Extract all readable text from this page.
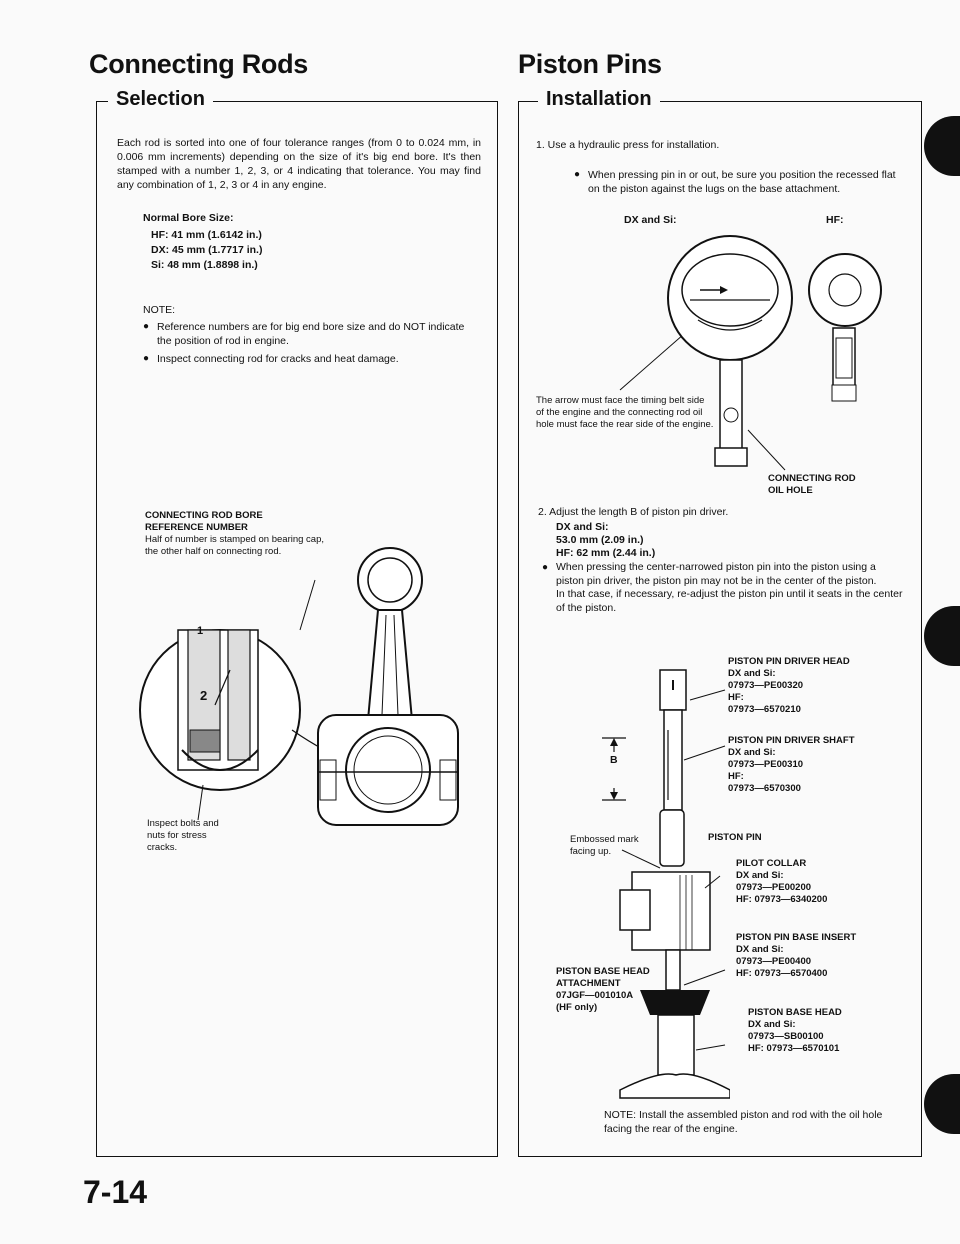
Connecting Rods
Selection
Each rod is sorted into one of four tolerance ranges (from 0 to 0.024 mm, in 0.006 mm increments) depending on the size of it's big end bore. It's then stamped with a number 1, 2, 3, or 4 indicating that tolerance. You may find any combination of 1, 2, 3 or 4 in any engine.
Normal Bore Size:
HF: 41 mm (1.6142 in.)
DX: 45 mm (1.7717 in.)
Si: 48 mm (1.8898 in.)
NOTE:
● Reference numbers are for big end bore size and do NOT indicate the position of rod in engine.
● Inspect connecting rod for cracks and heat damage.
CONNECTING ROD BORE
REFERENCE NUMBER
Half of number is stamped on bearing cap, the other half on connecting rod.
1
2
Inspect bolts and nuts for stress cracks.
7-14
Piston Pins
Installation
1. Use a hydraulic press for installation.
● When pressing pin in or out, be sure you position the recessed flat on the piston against the lugs on the base attachment.
DX and Si:	HF:
The arrow must face the timing belt side of the engine and the connecting rod oil hole must face the rear side of the engine.
CONNECTING ROD
OIL HOLE
2. Adjust the length B of piston pin driver.
DX and Si:
53.0 mm (2.09 in.)
HF: 62 mm (2.44 in.)
● When pressing the center-narrowed piston pin into the piston using a piston pin driver, the piston pin may not be in the center of the piston.
In that case, if necessary, re-adjust the piston pin until it seats in the center of the piston.
B
Embossed mark facing up.
PISTON PIN DRIVER HEAD
DX and Si:
07973—PE00320
HF:
07973—6570210
PISTON PIN DRIVER SHAFT
DX and Si:
07973—PE00310
HF:
07973—6570300
PISTON PIN
PILOT COLLAR
DX and Si:
07973—PE00200
HF: 07973—6340200
PISTON PIN BASE INSERT
DX and Si:
07973—PE00400
HF: 07973—6570400
PISTON BASE HEAD
ATTACHMENT
07JGF—001010A
(HF only)	PISTON BASE HEAD
DX and Si:
07973—SB00100
HF: 07973—6570101
NOTE: Install the assembled piston and rod with the oil hole facing the rear of the engine.
